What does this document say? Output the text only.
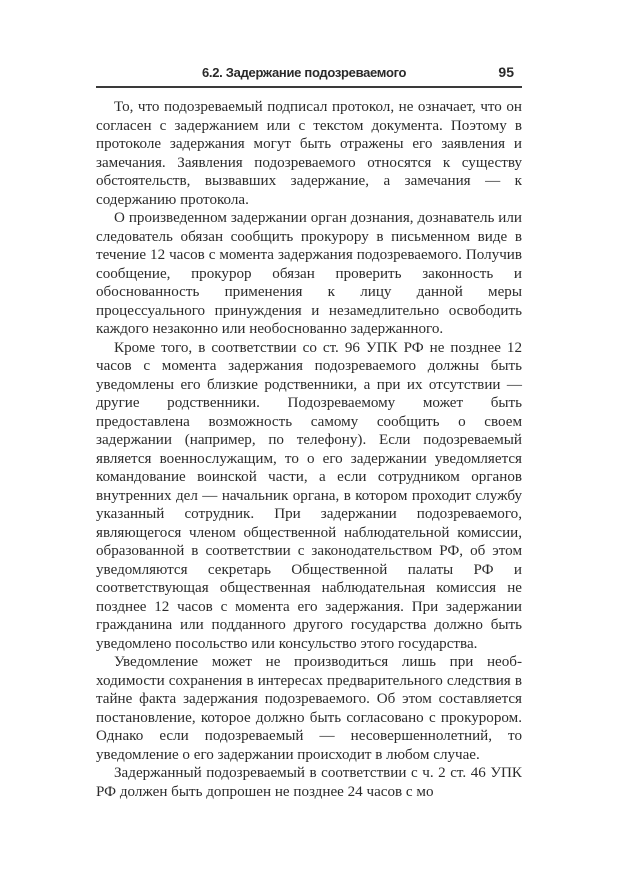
6.2. Задержание подозреваемого	95

То, что подозреваемый подписал протокол, не означает, что он согласен с задержанием или с текстом документа. Поэтому в протоколе задержания могут быть отражены его заявления и замечания. Заявления подозреваемого относятся к существу обстоятельств, вызвавших задержание, а замечания — к содержанию протокола.

О произведенном задержании орган дознания, дознаватель или следователь обязан сообщить прокурору в письменном виде в течение 12 часов с момента задержания подозреваемого. Получив сообщение, прокурор обязан проверить законность и обоснованность применения к лицу данной меры процессуального принуждения и незамедлительно освободить каждого незаконно или необоснованно задержанного.

Кроме того, в соответствии со ст. 96 УПК РФ не позднее 12 часов с момента задержания подозреваемого должны быть уведомлены его близкие родственники, а при их отсутствии — другие родственники. Подозреваемому может быть предоставлена возможность самому сообщить о своем задержании (например, по телефону). Если подозреваемый является военнослужащим, то о его задержании уведомляется командование воинской части, а если сотрудником органов внутренних дел — начальник органа, в котором проходит службу указанный сотрудник. При задержании подозреваемого, являющегося членом общественной наблюдательной комиссии, образованной в соответствии с законодательством РФ, об этом уведомляются секретарь Общественной палаты РФ и соответствующая общественная наблюдательная комиссия не позднее 12 часов с момента его задержания. При задержании гражданина или подданного другого государства должно быть уведомлено посольство или консульство этого государства.

Уведомление может не производиться лишь при необходимости сохранения в интересах предварительного следствия в тайне факта задержания подозреваемого. Об этом составляется постановление, которое должно быть согласовано с прокурором. Однако если подозреваемый — несовершеннолетний, то уведомление о его задержании происходит в любом случае.

Задержанный подозреваемый в соответствии с ч. 2 ст. 46 УПК РФ должен быть допрошен не позднее 24 часов с мо
